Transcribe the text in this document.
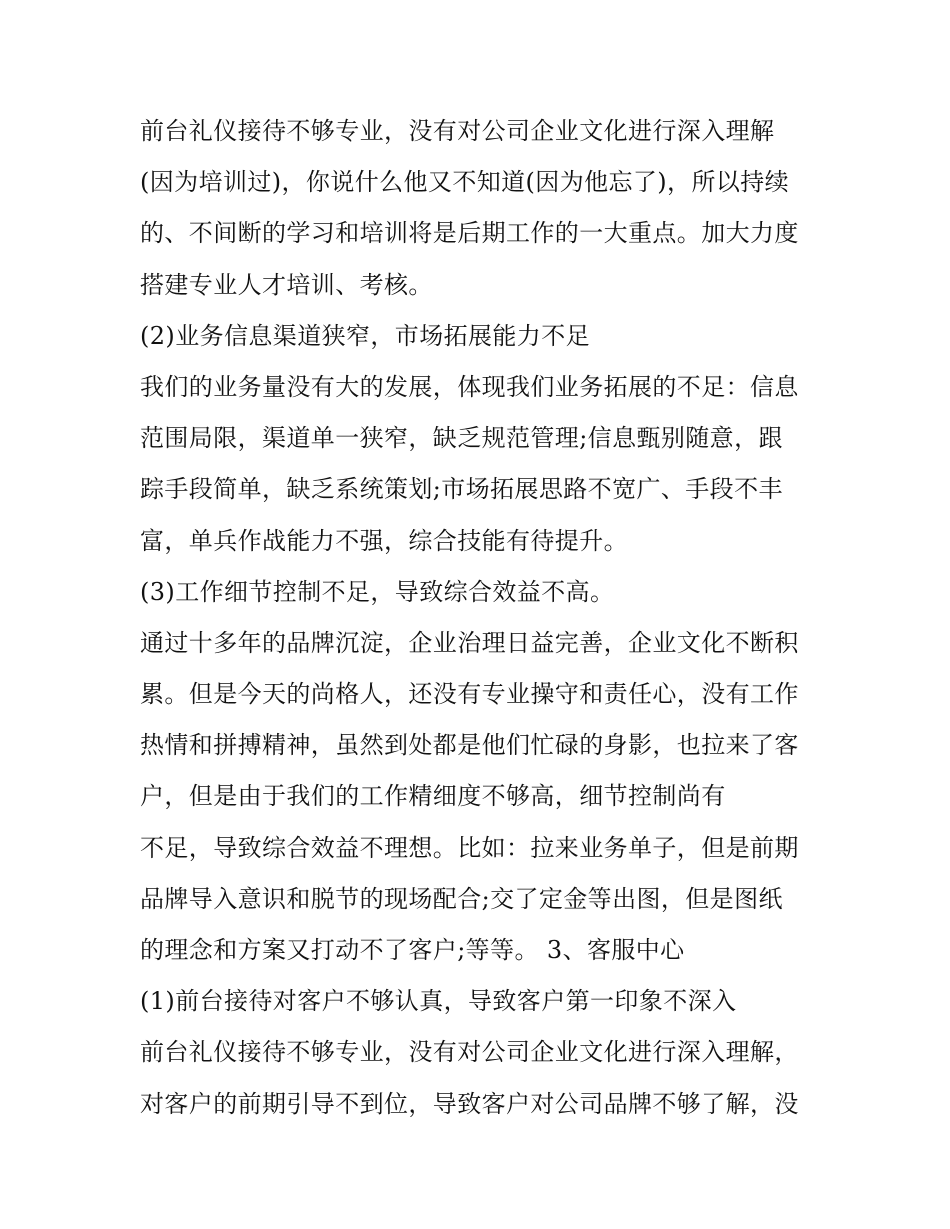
前台礼仪接待不够专业，没有对公司企业文化进行深入理解
(因为培训过)，你说什么他又不知道(因为他忘了)，所以持续
的、不间断的学习和培训将是后期工作的一大重点。加大力度
搭建专业人才培训、考核。
(2)业务信息渠道狭窄，市场拓展能力不足
我们的业务量没有大的发展，体现我们业务拓展的不足：信息
范围局限，渠道单一狭窄，缺乏规范管理;信息甄别随意，跟
踪手段简单，缺乏系统策划;市场拓展思路不宽广、手段不丰
富，单兵作战能力不强，综合技能有待提升。
(3)工作细节控制不足，导致综合效益不高。
通过十多年的品牌沉淀，企业治理日益完善，企业文化不断积
累。但是今天的尚格人，还没有专业操守和责任心，没有工作
热情和拼搏精神，虽然到处都是他们忙碌的身影，也拉来了客
户，但是由于我们的工作精细度不够高，细节控制尚有
不足，导致综合效益不理想。比如：拉来业务单子，但是前期
品牌导入意识和脱节的现场配合;交了定金等出图，但是图纸
的理念和方案又打动不了客户;等等。 3、客服中心
(1)前台接待对客户不够认真，导致客户第一印象不深入
前台礼仪接待不够专业，没有对公司企业文化进行深入理解，
对客户的前期引导不到位，导致客户对公司品牌不够了解，没
